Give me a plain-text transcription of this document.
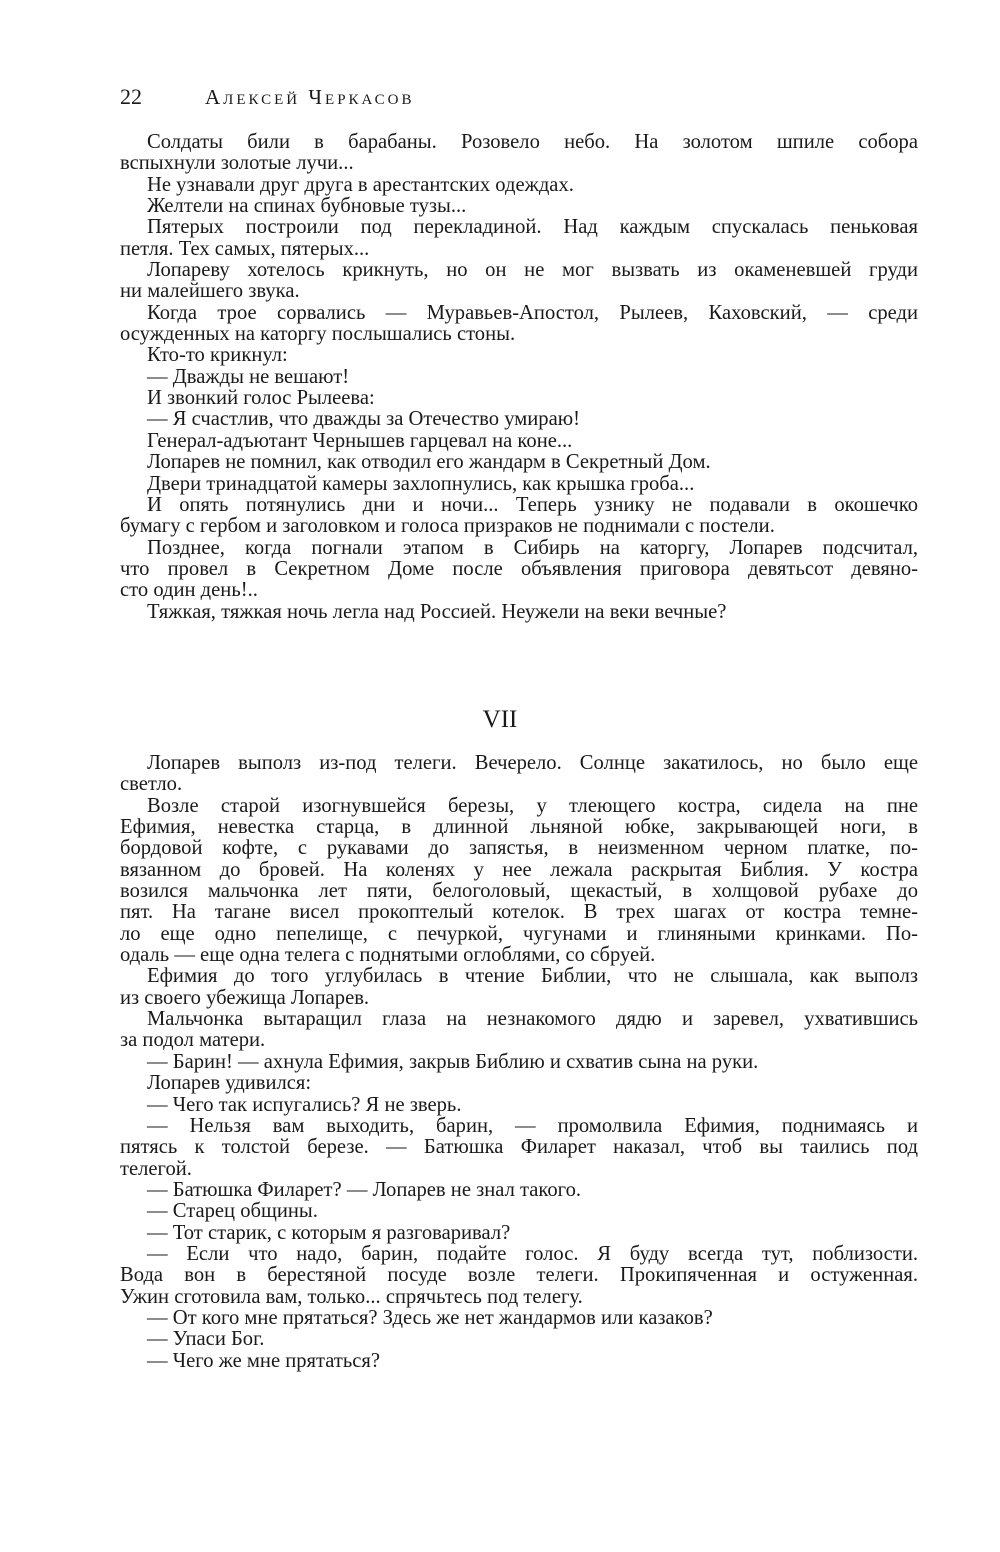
22	Алексей Черкасов
Солдаты били в барабаны. Розовело небо. На золотом шпиле собора
вспыхнули золотые лучи...
Не узнавали друг друга в арестантских одеждах.
Желтели на спинах бубновые тузы...
Пятерых построили под перекладиной. Над каждым спускалась пеньковая
петля. Тех самых, пятерых...
Лопареву хотелось крикнуть, но он не мог вызвать из окаменевшей груди
ни малейшего звука.
Когда трое сорвались — Муравьев-Апостол, Рылеев, Каховский, — среди
осужденных на каторгу послышались стоны.
Кто-то крикнул:
— Дважды не вешают!
И звонкий голос Рылеева:
— Я счастлив, что дважды за Отечество умираю!
Генерал-адъютант Чернышев гарцевал на коне...
Лопарев не помнил, как отводил его жандарм в Секретный Дом.
Двери тринадцатой камеры захлопнулись, как крышка гроба...
И опять потянулись дни и ночи... Теперь узнику не подавали в окошечко
бумагу с гербом и заголовком и голоса призраков не поднимали с постели.
Позднее, когда погнали этапом в Сибирь на каторгу, Лопарев подсчитал,
что провел в Секретном Доме после объявления приговора девятьсот девяно-
сто один день!..
Тяжкая, тяжкая ночь легла над Россией. Неужели на веки вечные?
VII
Лопарев выполз из-под телеги. Вечерело. Солнце закатилось, но было еще
светло.
Возле старой изогнувшейся березы, у тлеющего костра, сидела на пне
Ефимия, невестка старца, в длинной льняной юбке, закрывающей ноги, в
бордовой кофте, с рукавами до запястья, в неизменном черном платке, по-
вязанном до бровей. На коленях у нее лежала раскрытая Библия. У костра
возился мальчонка лет пяти, белоголовый, щекастый, в холщовой рубахе до
пят. На тагане висел прокоптелый котелок. В трех шагах от костра темне-
ло еще одно пепелище, с печуркой, чугунами и глиняными кринками. По-
одаль — еще одна телега с поднятыми оглоблями, со сбруей.
Ефимия до того углубилась в чтение Библии, что не слышала, как выполз
из своего убежища Лопарев.
Мальчонка вытаращил глаза на незнакомого дядю и заревел, ухватившись
за подол матери.
— Барин! — ахнула Ефимия, закрыв Библию и схватив сына на руки.
Лопарев удивился:
— Чего так испугались? Я не зверь.
— Нельзя вам выходить, барин, — промолвила Ефимия, поднимаясь и
пятясь к толстой березе. — Батюшка Филарет наказал, чтоб вы таились под
телегой.
— Батюшка Филарет? — Лопарев не знал такого.
— Старец общины.
— Тот старик, с которым я разговаривал?
— Если что надо, барин, подайте голос. Я буду всегда тут, поблизости.
Вода вон в берестяной посуде возле телеги. Прокипяченная и остуженная.
Ужин сготовила вам, только... спрячьтесь под телегу.
— От кого мне прятаться? Здесь же нет жандармов или казаков?
— Упаси Бог.
— Чего же мне прятаться?
